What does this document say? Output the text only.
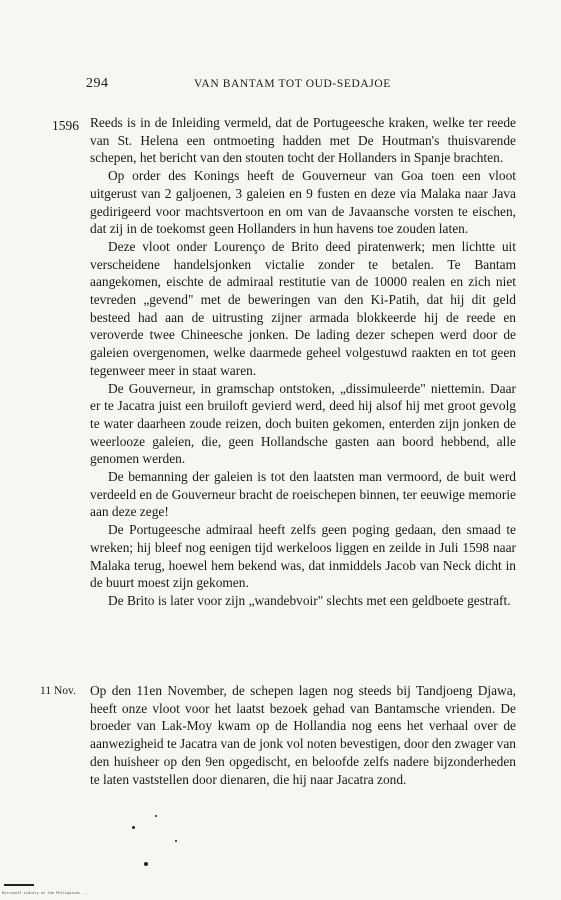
294	VAN BANTAM TOT OUD-SEDAJOE
1596
11 Nov.

Reeds is in de Inleiding vermeld, dat de Portugeesche kraken, welke ter reede van St. Helena een ontmoeting hadden met De Houtman's thuisvarende schepen, het bericht van den stouten tocht der Hollanders in Spanje brachten.

Op order des Konings heeft de Gouverneur van Goa toen een vloot uitgerust van 2 galjoenen, 3 galeien en 9 fusten en deze via Malaka naar Java gedirigeerd voor machtsvertoon en om van de Javaansche vorsten te eischen, dat zij in de toekomst geen Hollanders in hun havens toe zouden laten.

Deze vloot onder Lourenço de Brito deed piratenwerk; men lichtte uit verscheidene handelsjonken victalie zonder te betalen. Te Bantam aangekomen, eischte de admiraal restitutie van de 10000 realen en zich niet tevreden „gevend" met de beweringen van den Ki-Patih, dat hij dit geld besteed had aan de uitrusting zijner armada blokkeerde hij de reede en veroverde twee Chineesche jonken. De lading dezer schepen werd door de galeien overgenomen, welke daarmede geheel volgestuwd raakten en tot geen tegenweer meer in staat waren.

De Gouverneur, in gramschap ontstoken, „dissimuleerde" niettemin. Daar er te Jacatra juist een bruiloft gevierd werd, deed hij alsof hij met groot gevolg te water daarheen zoude reizen, doch buiten gekomen, enterden zijn jonken de weerlooze galeien, die, geen Hollandsche gasten aan boord hebbend, alle genomen werden.

De bemanning der galeien is tot den laatsten man vermoord, de buit werd verdeeld en de Gouverneur bracht de roeischepen binnen, ter eeuwige memorie aan deze zege!

De Portugeesche admiraal heeft zelfs geen poging gedaan, den smaad te wreken; hij bleef nog eenigen tijd werkeloos liggen en zeilde in Juli 1598 naar Malaka terug, hoewel hem bekend was, dat inmiddels Jacob van Neck dicht in de buurt moest zijn gekomen.

De Brito is later voor zijn „wandebvoir" slechts met een geldboete gestraft.

Op den 11en November, de schepen lagen nog steeds bij Tandjoeng Djawa, heeft onze vloot voor het laatst bezoek gehad van Bantamsche vrienden. De broeder van Lak-Moy kwam op de Hollandia nog eens het verhaal over de aanwezigheid te Jacatra van de jonk vol noten bevestigen, door den zwager van den huisheer op den 9en opgedischt, en beloofde zelfs nadere bijzonderheden te laten vaststellen door dienaren, die hij naar Jacatra zond.

Microsoft Library at the Philippines ...
